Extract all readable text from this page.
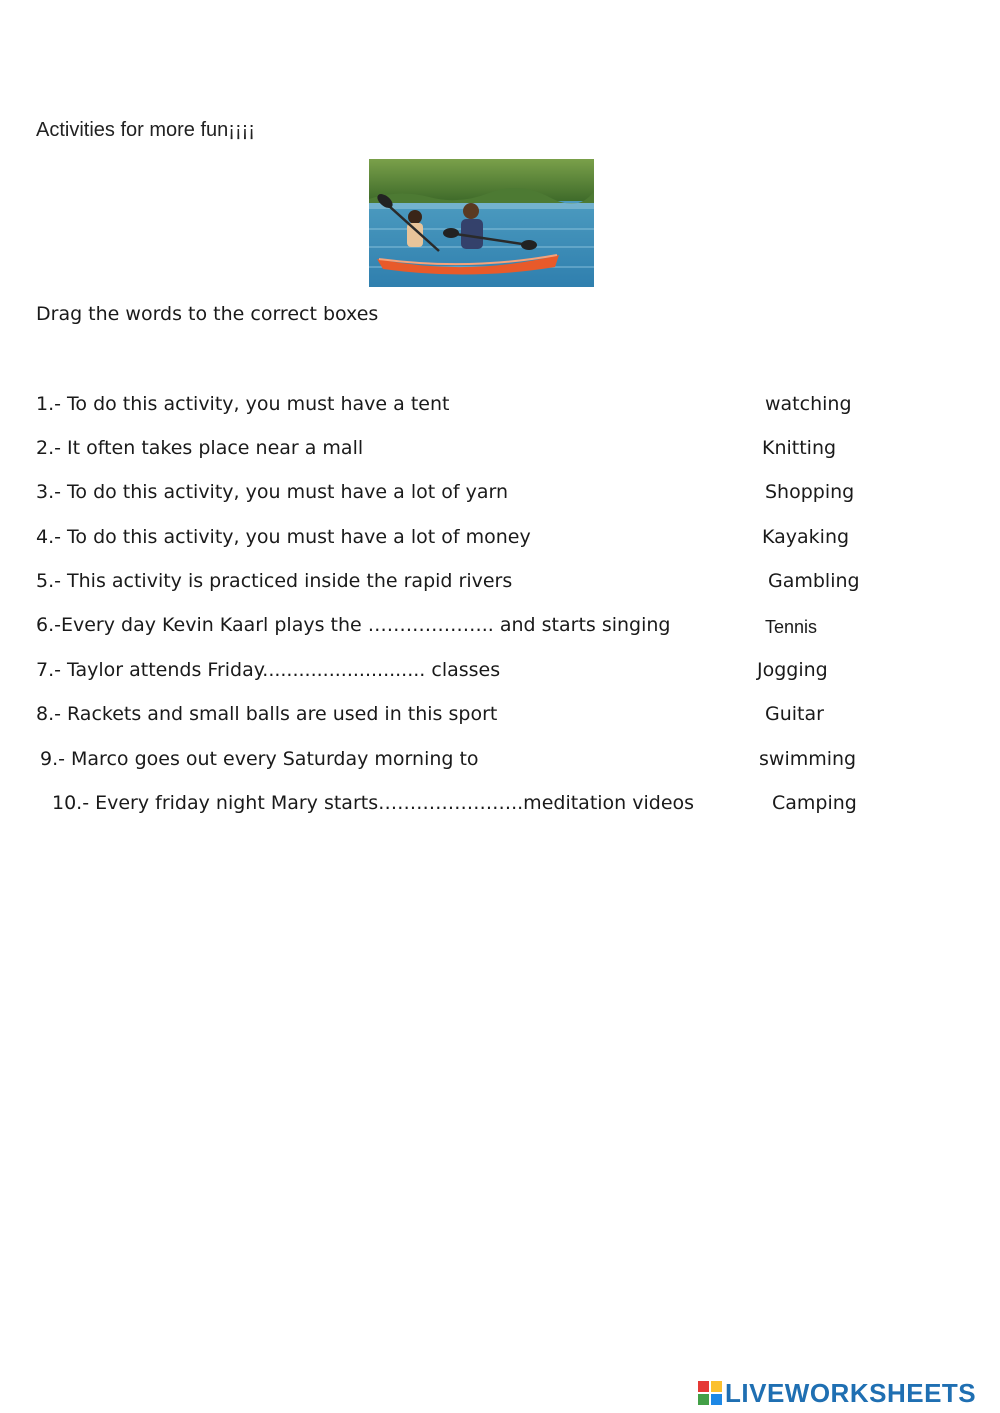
Activities for more fun¡¡¡¡
Drag the words to the correct boxes
1.- To do this activity, you must have a tent
2.- It often takes place near a mall
3.- To do this activity, you must have a lot of yarn
4.- To do this activity, you must have a lot of money
5.- This activity is practiced inside the rapid rivers
6.-Every day Kevin Kaarl plays the ……………….. and starts singing
7.- Taylor attends Friday........................... classes
8.- Rackets and small balls are used in this sport
9.- Marco goes out every Saturday morning to
10.- Every friday night Mary starts…………………..meditation videos
watching
Knitting
Shopping
Kayaking
Gambling
Tennis
Jogging
Guitar
swimming
Camping
LIVEWORKSHEETS
